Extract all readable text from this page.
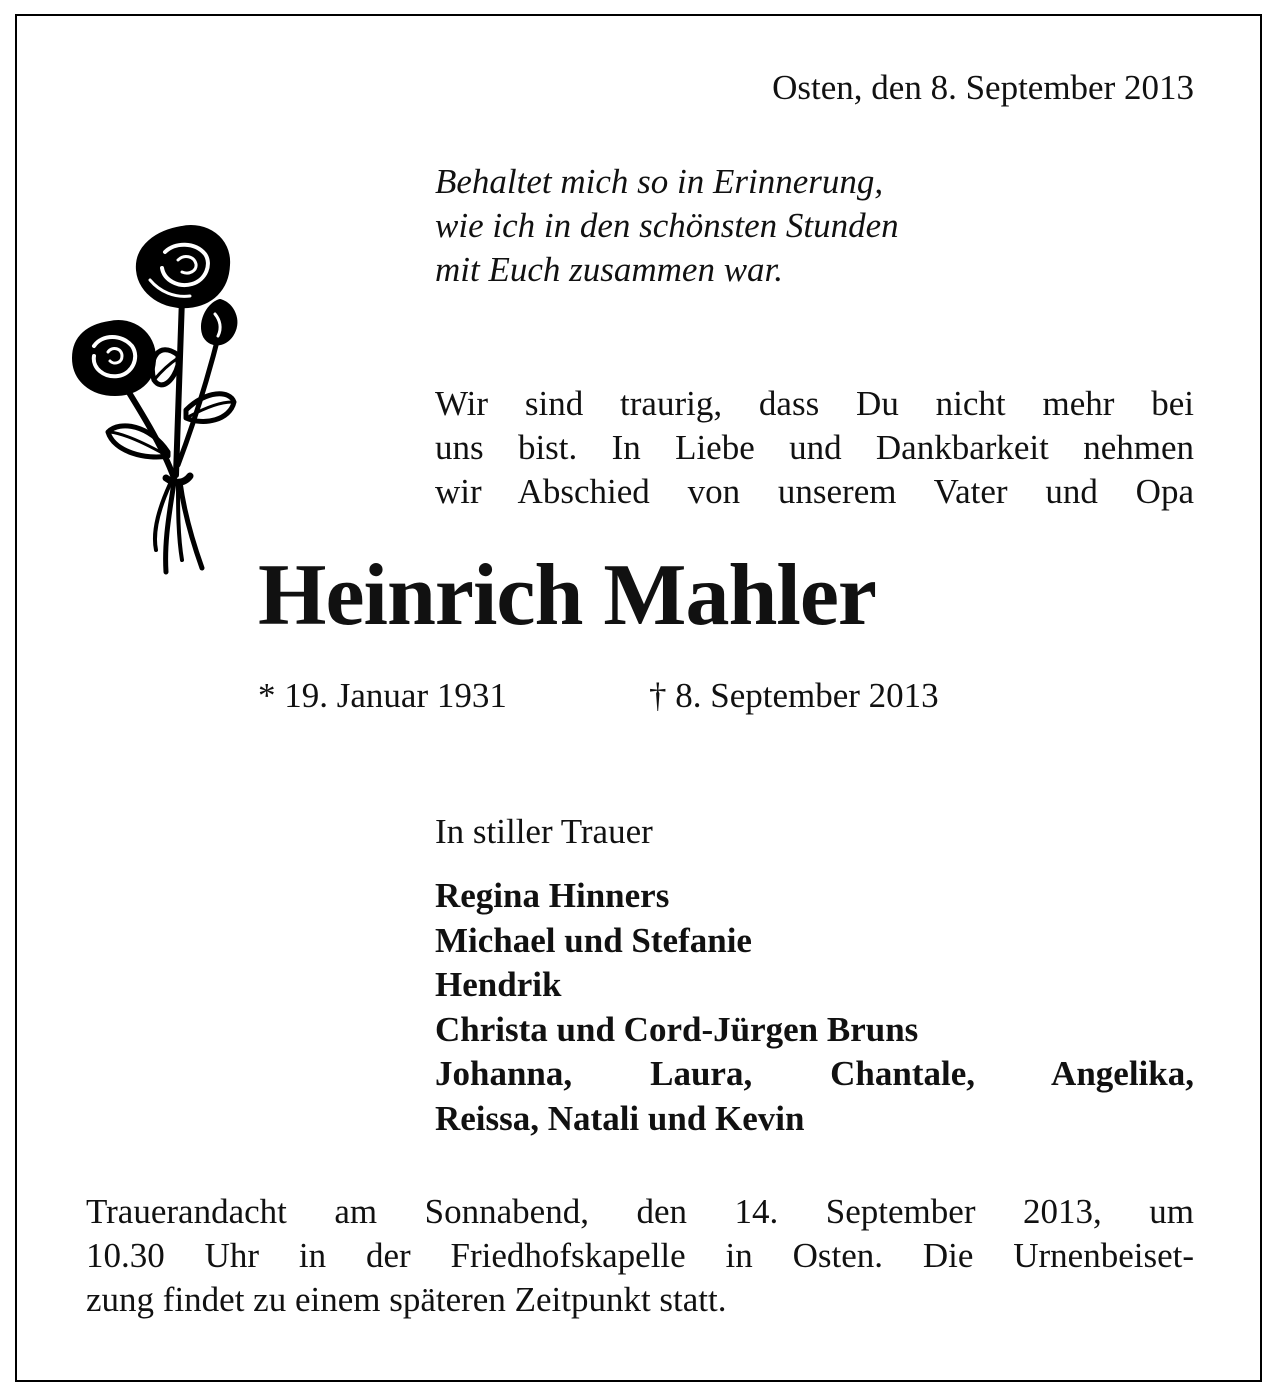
Osten, den 8. September 2013
Behaltet mich so in Erinnerung,
wie ich in den schönsten Stunden
mit Euch zusammen war.
Wir sind traurig, dass Du nicht mehr bei
uns bist. In Liebe und Dankbarkeit nehmen
wir Abschied von unserem Vater und Opa
Heinrich Mahler
* 19. Januar 1931	† 8. September 2013
In stiller Trauer
Regina Hinners
Michael und Stefanie
Hendrik
Christa und Cord-Jürgen Bruns
Johanna, Laura, Chantale, Angelika,
Reissa, Natali und Kevin
Trauerandacht am Sonnabend, den 14. September 2013, um
10.30 Uhr in der Friedhofskapelle in Osten. Die Urnenbeiset-
zung findet zu einem späteren Zeitpunkt statt.
